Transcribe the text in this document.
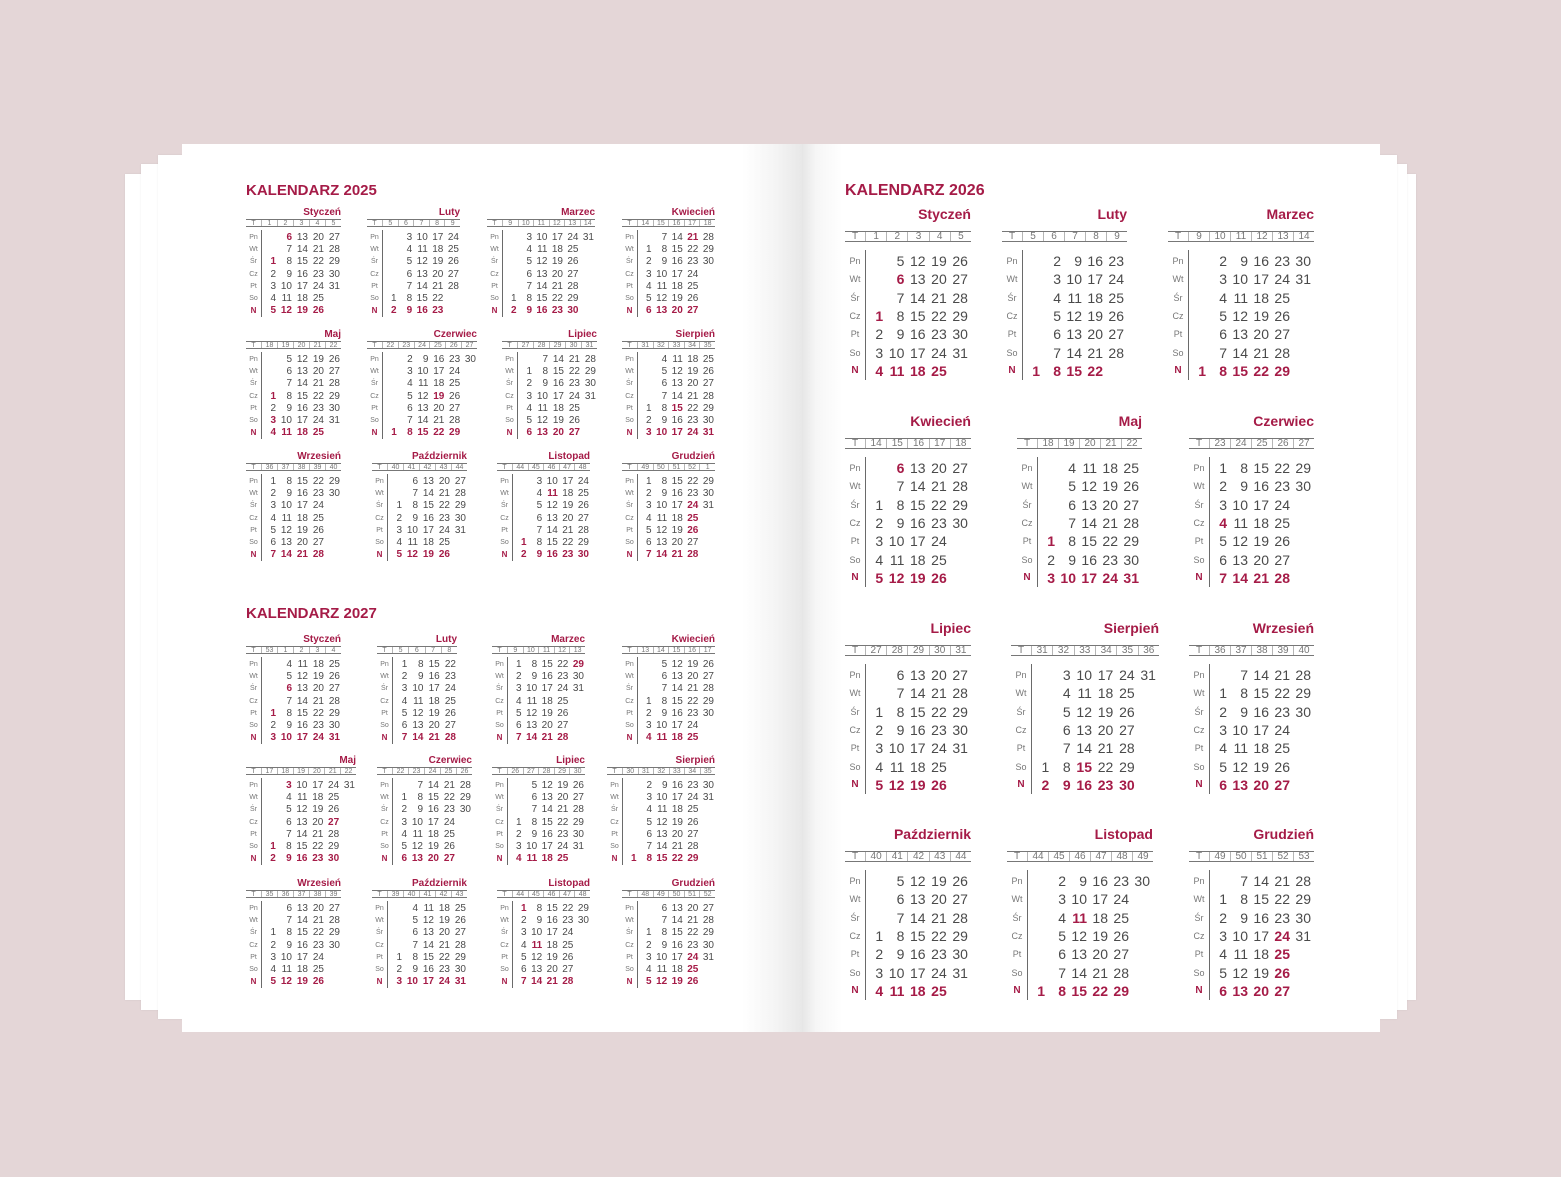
KALENDARZ 2025
Styczeń
T	1	2	3	4	5
Pn	6 13 20 27
Wt	7 14 21 28
Śr	1	8 15 22 29
Cz	2	9 16 23 30
Pt	3 10 17 24 31
So	4 11 18 25
N	5 12 19 26
Luty
T	5	6	7	8	9
Pn	3 10 17 24
Wt	4 11 18 25
Śr	5 12 19 26
Cz	6 13 20 27
Pt	7 14 21 28
So	1	8 15 22
N	2	9 16 23
Marzec
T	9	10	11	12	13	14
Pn	3 10 17 24 31
Wt	4 11 18 25
Śr	5 12 19 26
Cz	6 13 20 27
Pt	7 14 21 28
So	1 8 15 22 29
N	2 9 16 23 30
Kwiecień
T	14	15	16	17	18
Pn	7 14 21 28
Wt	1	8 15 22 29
Śr	2	9 16 23 30
Cz	3 10 17 24
Pt	4 11 18 25
So	5 12 19 26
N	6 13 20 27
Maj
T	18	19	20	21	22
Pn	5 12 19 26
Wt	6 13 20 27
Śr	7 14 21 28
Cz	1	8 15 22 29
Pt	2	9 16 23 30
So	3 10 17 24 31
N	4 11 18 25
Czerwiec
T	22	23	24	25	26	27
Pn	2	9 16 23 30
Wt	3 10 17 24
Śr	4 11 18 25
Cz	5 12 19 26
Pt	6 13 20 27
So	7 14 21 28
N	1	8 15 22 29
Lipiec
T	27	28	29	30	31
Pn	7 14 21 28
Wt	1	8 15 22 29
Śr	2	9 16 23 30
Cz	3 10 17 24 31
Pt	4 11 18 25
So	5 12 19 26
N	6 13 20 27
Sierpień
T	31	32	33	34	35
Pn	4 11 18 25
Wt	5 12 19 26
Śr	6 13 20 27
Cz	7 14 21 28
Pt	1	8 15 22 29
So	2	9 16 23 30
N	3 10 17 24 31
Wrzesień
T	36	37	38	39	40
Pn	1	8 15 22 29
Wt	2	9 16 23 30
Śr	3 10 17 24
Cz	4 11 18 25
Pt	5 12 19 26
So	6 13 20 27
N	7 14 21 28
Październik
T	40	41	42	43	44
Pn	6 13 20 27
Wt	7 14 21 28
Śr	1	8 15 22 29
Cz	2	9 16 23 30
Pt	3 10 17 24 31
So	4 11 18 25
N	5 12 19 26
Listopad
T	44	45	46	47	48
Pn	3 10 17 24
Wt	4 11 18 25
Śr	5 12 19 26
Cz	6 13 20 27
Pt	7 14 21 28
So	1	8 15 22 29
N	2	9 16 23 30
Grudzień
T	49	50	51	52	1
Pn	1	8 15 22 29
Wt	2	9 16 23 30
Śr	3 10 17 24 31
Cz	4 11 18 25
Pt	5 12 19 26
So	6 13 20 27
N	7 14 21 28
KALENDARZ 2027
Styczeń
T	53	1	2	3	4
Pn	4 11 18 25
Wt	5 12 19 26
Śr	6 13 20 27
Cz	7 14 21 28
Pt	1	8 15 22 29
So	2	9 16 23 30
N	3 10 17 24 31
Luty
T	5	6	7	8
Pn	1	8 15 22
Wt	2	9 16 23
Śr	3 10 17 24
Cz	4 11 18 25
Pt	5 12 19 26
So	6 13 20 27
N	7 14 21 28
Marzec
T	9	10	11	12	13
Pn	1	8 15 22 29
Wt	2	9 16 23 30
Śr	3 10 17 24 31
Cz	4 11 18 25
Pt	5 12 19 26
So	6 13 20 27
N	7 14 21 28
Kwiecień
T	13	14	15	16	17
Pn	5 12 19 26
Wt	6 13 20 27
Śr	7 14 21 28
Cz	1	8 15 22 29
Pt	2	9 16 23 30
So	3 10 17 24
N	4 11 18 25
Maj
T	17	18	19	20	21	22
Pn	3 10 17 24 31
Wt	4 11 18 25
Śr	5 12 19 26
Cz	6 13 20 27
Pt	7 14 21 28
So	1	8 15 22 29
N	2	9 16 23 30
Czerwiec
T	22	23	24	25	26
Pn	7 14 21 28
Wt	1	8 15 22 29
Śr	2	9 16 23 30
Cz	3 10 17 24
Pt	4 11 18 25
So	5 12 19 26
N	6 13 20 27
Lipiec
T	26	27	28	29	30
Pn	5 12 19 26
Wt	6 13 20 27
Śr	7 14 21 28
Cz	1	8 15 22 29
Pt	2	9 16 23 30
So	3 10 17 24 31
N	4 11 18 25
Sierpień
T	30	31	32	33	34	35
Pn	2 9 16 23 30
Wt	3 10 17 24 31
Śr	4 11 18 25
Cz	5 12 19 26
Pt	6 13 20 27
So	7 14 21 28
N	1 8 15 22 29
Wrzesień
T	35	36	37	38	39
Pn	6 13 20 27
Wt	7 14 21 28
Śr	1	8 15 22 29
Cz	2	9 16 23 30
Pt	3 10 17 24
So	4 11 18 25
N	5 12 19 26
Październik
T	39	40	41	42	43
Pn	4 11 18 25
Wt	5 12 19 26
Śr	6 13 20 27
Cz	7 14 21 28
Pt	1	8 15 22 29
So	2	9 16 23 30
N	3 10 17 24 31
Listopad
T	44	45	46	47	48
Pn	1	8 15 22 29
Wt	2	9 16 23 30
Śr	3 10 17 24
Cz	4 11 18 25
Pt	5 12 19 26
So	6 13 20 27
N	7 14 21 28
Grudzień
T	48	49	50	51	52
Pn	6 13 20 27
Wt	7 14 21 28
Śr	1	8 15 22 29
Cz	2	9 16 23 30
Pt	3 10 17 24 31
So	4 11 18 25
N	5 12 19 26
KALENDARZ 2026
Styczeń
T	1	2	3	4	5
Pn	5 12 19 26
Wt	6 13 20 27
Śr	7 14 21 28
Cz	1 8 15 22 29
Pt	2 9 16 23 30
So	3 10 17 24 31
N	4 11 18 25
Luty
T	5	6	7	8	9
Pn	2 9 16 23
Wt	3 10 17 24
Śr	4 11 18 25
Cz	5 12 19 26
Pt	6 13 20 27
So	7 14 21 28
N	1 8 15 22
Marzec
T	9	10	11	12 13 14
Pn	2 9 16 23 30
Wt	3 10 17 24 31
Śr	4 11 18 25
Cz	5 12 19 26
Pt	6 13 20 27
So	7 14 21 28
N	1 8 15 22 29
Kwiecień
T	14	15	16	17	18
Pn	6 13 20 27
Wt	7 14 21 28
Śr	1 8 15 22 29
Cz	2 9 16 23 30
Pt	3 10 17 24
So	4 11 18 25
N	5 12 19 26
Maj
T	18 19 20 21 22
Pn	4 11 18 25
Wt	5 12 19 26
Śr	6 13 20 27
Cz	7 14 21 28
Pt	1 8 15 22 29
So	2 9 16 23 30
N	3 10 17 24 31
Czerwiec
T	23 24 25 26 27
Pn	1 8 15 22 29
Wt	2 9 16 23 30
Śr	3 10 17 24
Cz	4 11 18 25
Pt	5 12 19 26
So	6 13 20 27
N	7 14 21 28
Lipiec
T	27	28	29	30	31
Pn	6 13 20 27
Wt	7 14 21 28
Śr	1 8 15 22 29
Cz	2 9 16 23 30
Pt	3 10 17 24 31
So	4 11 18 25
N	5 12 19 26
Sierpień
T	31	32	33	34	35	36
Pn	3 10 17 24 31
Wt	4 11 18 25
Śr	5 12 19 26
Cz	6 13 20 27
Pt	7 14 21 28
So	1 8 15 22 29
N	2 9 16 23 30
Wrzesień
T	36 37 38 39 40
Pn	7 14 21 28
Wt	1 8 15 22 29
Śr	2 9 16 23 30
Cz	3 10 17 24
Pt	4 11 18 25
So	5 12 19 26
N	6 13 20 27
Październik
T	40	41	42	43	44
Pn	5 12 19 26
Wt	6 13 20 27
Śr	7 14 21 28
Cz	1 8 15 22 29
Pt	2 9 16 23 30
So	3 10 17 24 31
N	4 11 18 25
Listopad
T	44 45 46 47 48 49
Pn	2 9 16 23 30
Wt	3 10 17 24
Śr	4 11 18 25
Cz	5 12 19 26
Pt	6 13 20 27
So	7 14 21 28
N	1 8 15 22 29
Grudzień
T	49 50 51 52 53
Pn	7 14 21 28
Wt	1 8 15 22 29
Śr	2 9 16 23 30
Cz	3 10 17 24 31
Pt	4 11 18 25
So	5 12 19 26
N	6 13 20 27
